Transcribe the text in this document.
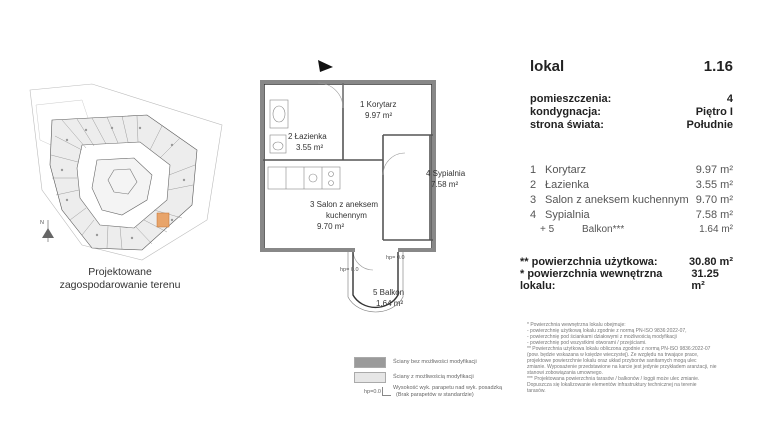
N
Projektowane
zagospodarowanie terenu
1 Korytarz
9.97 m²
2 Łazienka
3.55 m²
3 Salon z aneksem
kuchennym
9.70 m²
4 Sypialnia
7.58 m²
5 Balkon
1.64 m²
hp= 0.0
hp= 0.0
Ściany bez możliwości modyfikacji
Ściany z możliwością modyfikacji
hp=0.0
Wysokość wyk. parapetu nad wyk. posadzką
(Brak parapetów w standardzie)
lokal	1.16
pomieszczenia:	4
kondygnacja:	Piętro I
strona świata:	Południe
1 Korytarz	9.97 m²
2 Łazienka	3.55 m²
3 Salon z aneksem kuchennym 9.70 m²
4 Sypialnia	7.58 m²
+ 5	Balkon***	1.64 m²
** powierzchnia użytkowa:	30.80 m²
* powierzchnia wewnętrzna lokalu:
31.25 m²
* Powierzchnia wewnętrzna lokalu obejmuje:
- powierzchnię użytkową lokalu zgodnie z normą PN-ISO 9836:2022-07,
- powierzchnię pod ściankami działowymi z możliwością modyfikacji
- powierzchnię pod wszystkimi otworami / przejściami.
** Powierzchnia użytkowa lokalu obliczona zgodnie z normą PN-ISO 9836:2022-07
(pow. będzie wskazana w księdze wieczystej). Ze względu na trwające prace,
projektowe powierzchnie lokalu oraz układ przyborów sanitarnych mogą ulec
zmianie. Wyposażenie przedstawione na karcie jest jedynie przykładem aranżacji, nie
stanowi zobowiązania umownego.
*** Projektowana powierzchnia tarasów / balkonów / loggii może ulec zmianie.
Dopuszcza się lokalizowanie elementów infrastruktury technicznej na terenie
tarasów.
